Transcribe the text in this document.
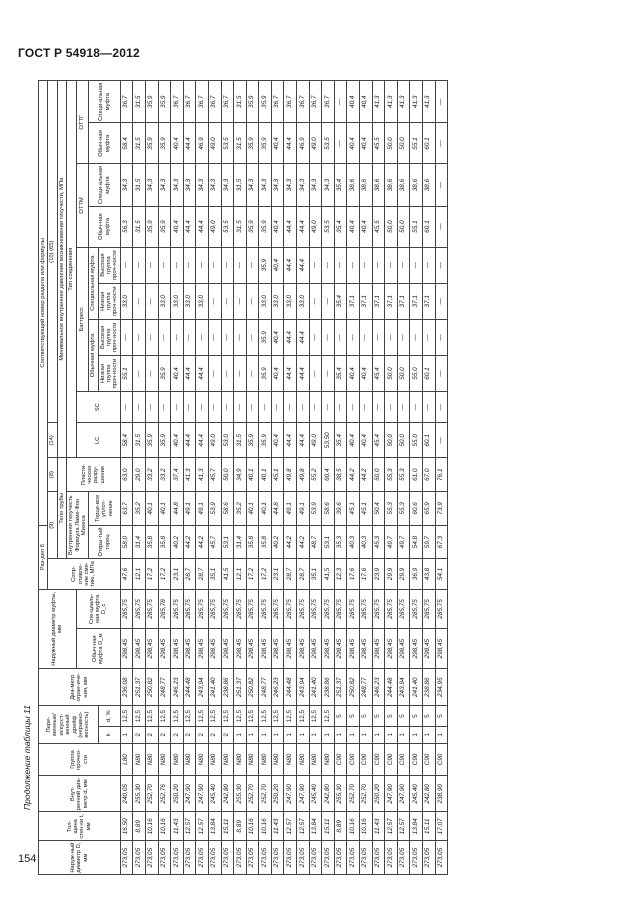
ГОСТ Р 54918—2012
Продолжение таблицы 11
Наруж-ный диаметр D, мм	Тол-щина стен-ки t, мм	Внут-ренний диа-метр d, мм	Группа прочно-сти	Пере-менные/ искусст-венный дрейф (неравно-весность)		Диа-метр огран-иче-ния, мм	Наружный диаметр муфты, мм		Раз-дел 8		Соответствующий номер раздела или формулы											
									Сопр-отивле-ние смя-тию, МПа	(9)		(8)	(14)	(10) (65)								
										Тело трубы			Минимальное внутреннее давление возникновения текучести, МПа									
										Внутренняя текучесть Формула Ламе-Фон Мизеса		Пласти-ческое разру-шение	Тип соединения									
							Обыч-ная муфта D_м	Спе-циаль-ная муфта D_с					LC	SC	Баттресс				ОТТМ		ОТТГ	
										Откры-тый торец	Торце-вое уплот-нение				Обычная муфта		Специальная муфта		Обыч-ная муфта	Специ-альная муфта	Обыч-ная муфта	Специ-альная муфта
				k	d, %										Низкая группа проч-ности	Высокая группа проч-ности	Низкая группа проч-ности	Высокая группа проч-ности				
273,05	16,50	240,05	L80	1	12,5	236,08	298,45	285,75	47,6	58,0	63,7	63,0	58,4	—	55,1	—	33,0	—	56,3	34,3	58,4	36,7
273,05	8,89	255,30	N80	2	12,5	251,37	298,45	285,75	12,1	31,4	35,2	29,0	31,5	—	—	—	—	—	31,5	31,5	31,5	31,5
273,05	10,16	252,70	N80	2	12,5	250,82	298,45	285,75	17,2	35,8	40,1	33,2	35,9	—	—	—	—	—	35,9	34,3	35,9	35,9
273,05	10,16	252,76	N80	2	12,5	248,77	298,45	285,78	17,2	35,8	40,1	33,2	35,9	—	35,9	—	33,0	—	35,9	34,3	35,9	35,9
273,05	11,43	250,20	N80	2	12,5	246,23	298,45	285,75	23,1	40,2	44,8	37,4	40,4	—	40,4	—	33,0	—	40,4	34,3	40,4	36,7
273,05	12,57	247,90	N80	2	12,5	244,48	298,45	285,75	28,7	44,2	49,1	41,3	44,4	—	44,4	—	33,0	—	44,4	34,3	44,4	36,7
273,05	12,57	247,90	N80	2	12,5	243,94	298,45	285,75	28,7	44,2	49,1	41,3	44,4	—	44,4	—	33,0	—	44,4	34,3	46,9	36,7
273,05	13,84	245,40	N80	2	12,5	241,40	298,45	285,75	35,1	45,7	53,9	45,7	49,0	—	—	—	—	—	49,0	34,3	49,0	36,7
273,05	15,11	242,80	N80	2	12,5	238,86	298,45	285,75	41,5	53,1	58,6	50,0	53,0	—	—	—	—	—	53,5	34,3	53,5	36,7
273,05	8,89	255,30	N80	1	12,5	251,37	298,45	285,75	12,1	31,4	35,2	34,9	31,5	—	—	—	—	—	31,5	31,5	31,5	31,5
273,05	10,16	252,70	N80	1	12,5	250,82	298,45	285,75	17,2	35,8	40,1	40,1	35,9	—	—	—	—	—	35,9	34,3	35,9	35,9
273,05	10,16	252,70	N80	1	12,5	248,77	298,45	285,75	17,2	35,8	40,1	40,1	35,9	—	35,9	35,9	33,0	35,9	35,9	34,3	35,9	35,9
273,05	11,43	250,20	N80	1	12,5	246,23	298,45	285,75	23,1	40,2	44,8	45,1	40,4	—	40,4	40,4	33,0	40,4	40,4	34,3	40,4	36,7
273,05	12,57	247,90	N80	1	12,5	244,48	298,45	285,75	28,7	44,2	49,1	49,8	44,4	—	44,4	44,4	33,0	44,4	44,4	34,3	44,4	36,7
273,05	12,57	247,90	N80	1	12,5	243,94	298,45	285,75	28,7	44,2	49,1	49,8	44,4	—	44,4	44,4	33,0	44,4	44,4	34,3	46,9	36,7
273,05	13,84	245,40	N80	1	12,5	241,40	298,45	285,75	35,1	48,7	53,9	55,2	49,0	—	—	—	—	—	49,0	34,3	49,0	36,7
273,05	15,11	242,80	N80	1	12,5	238,86	298,45	285,75	41,5	53,1	58,6	60,4	53,50	—	—	—	—	—	53,5	34,3	53,5	36,7
273,05	8,89	255,30	C90	1	5	251,37	298,45	285,75	12,3	35,3	39,6	38,5	35,4	—	35,4	—	35,4	—	35,4	35,4	—	—
273,05	10,16	252,70	C90	1	5	250,82	298,45	285,75	17,6	40,3	45,1	44,2	40,4	—	40,4	—	37,1	—	40,4	38,6	40,4	40,4
273,05	10,16	252,70	C90	1	5	248,77	298,45	285,75	17,6	40,3	45,1	44,2	40,4	—	40,4	—	37,1	—	40,4	38,6	40,4	40,4
273,05	11,43	250,20	C90	1	5	246,23	298,45	285,75	23,9	45,3	50,4	50,0	45,4	—	45,4	—	37,1	—	45,5	38,6	45,5	41,3
273,05	12,57	247,90	C90	1	5	244,48	298,45	285,75	29,9	49,7	55,3	55,3	50,0	—	50,0	—	37,1	—	50,0	38,6	50,0	41,3
273,05	12,57	247,90	C90	1	5	243,94	298,45	285,75	29,9	49,7	55,3	55,3	50,0	—	50,0	—	37,1	—	50,0	38,6	50,0	41,3
273,05	13,84	245,40	C90	1	5	241,40	298,45	285,75	36,9	54,8	60,6	61,0	55,0	—	55,0	—	37,1	—	55,1	38,6	55,1	41,3
273,05	15,11	242,80	C90	1	5	238,86	298,45	285,75	43,8	59,7	65,9	67,0	60,1	—	60,1	—	37,1	—	60,1	38,6	60,1	41,3
273,05	17,07	238,90	C90	1	5	234,95	298,45	285,75	54,1	67,3	73,9	76,1	—	—	—	—	—	—	—	—	—	—
154
